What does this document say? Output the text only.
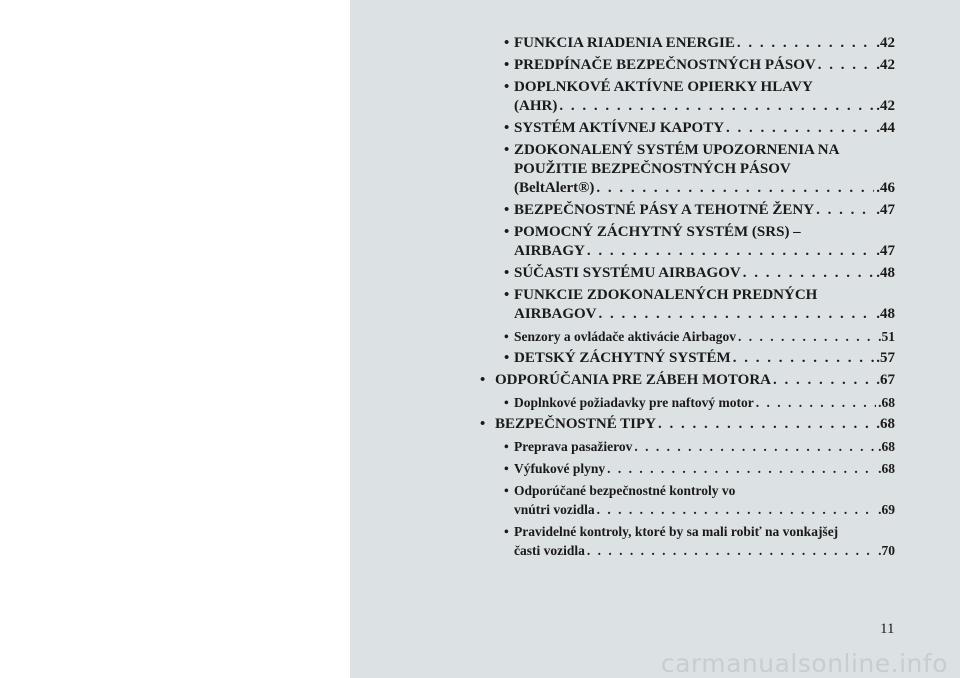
• FUNKCIA RIADENIA ENERGIE . . .	.42
• PREDPÍNAČE BEZPEČNOSTNÝCH PÁSOV . . .	.42
• DOPLNKOVÉ AKTÍVNE OPIERKY HLAVY
(AHR) . . .	.42
• SYSTÉM AKTÍVNEJ KAPOTY . . .	.44
• ZDOKONALENÝ SYSTÉM UPOZORNENIA NA
POUŽITIE BEZPEČNOSTNÝCH PÁSOV
(BeltAlert®) . . .	.46
• BEZPEČNOSTNÉ PÁSY A TEHOTNÉ ŽENY . . .	.47
• POMOCNÝ ZÁCHYTNÝ SYSTÉM (SRS) –
AIRBAGY . . .	.47
• SÚČASTI SYSTÉMU AIRBAGOV . . .	.48
• FUNKCIE ZDOKONALENÝCH PREDNÝCH
AIRBAGOV . . .	.48
• Senzory a ovládače aktivácie Airbagov . . .	.51
• DETSKÝ ZÁCHYTNÝ SYSTÉM . . .	.57
• ODPORÚČANIA PRE ZÁBEH MOTORA . . .	.67
• Doplnkové požiadavky pre naftový motor . . .	.68
• BEZPEČNOSTNÉ TIPY . . .	.68
• Preprava pasažierov . . .	.68
• Výfukové plyny . . .	.68
• Odporúčané bezpečnostné kontroly vo
vnútri vozidla . . .	.69
• Pravidelné kontroly, ktoré by sa mali robiť na vonkajšej
časti vozidla . . .	.70
11
carmanualsonline.info
